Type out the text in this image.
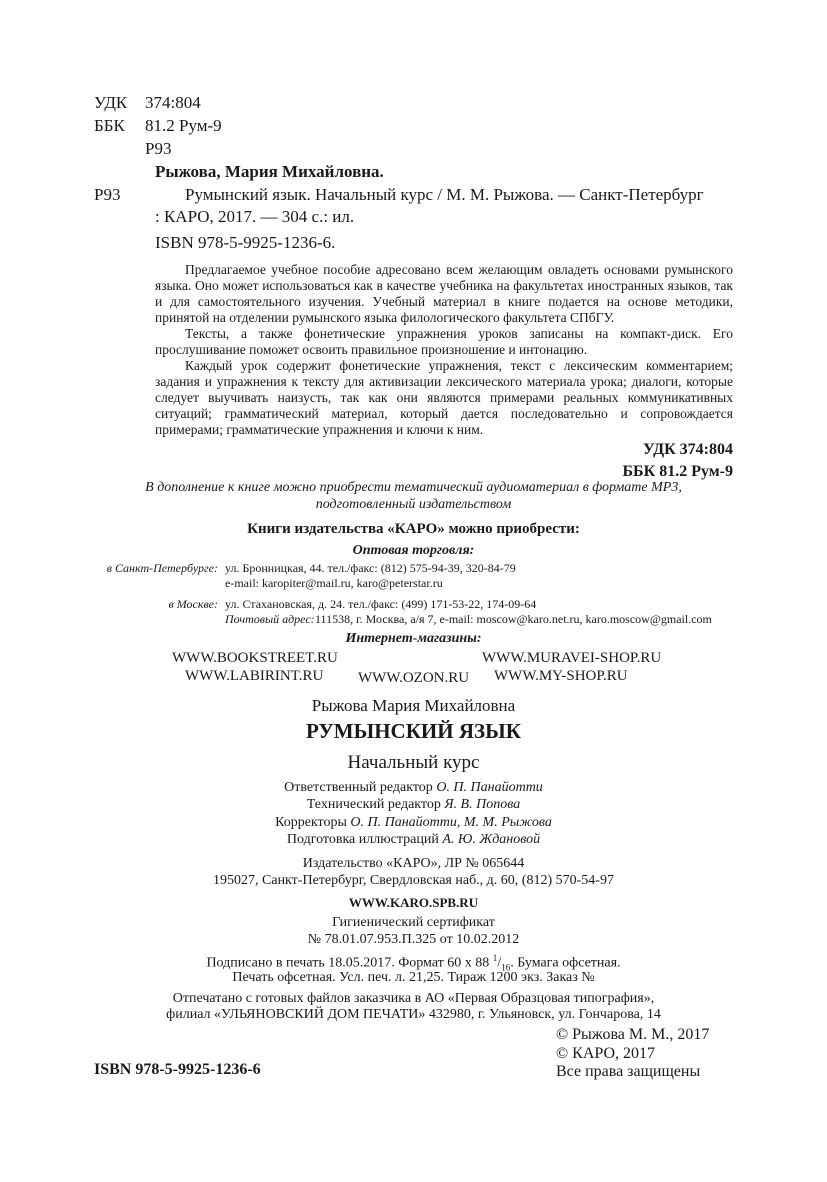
УДК 374:804
ББК 81.2 Рум-9
Р93
Рыжова, Мария Михайловна.
Р93	Румынский язык. Начальный курс / М. М. Рыжова. — Санкт-Петербург
: КАРО, 2017. — 304 с.: ил.
ISBN 978-5-9925-1236-6.
Предлагаемое учебное пособие адресовано всем желающим овладеть основами румынского языка. Оно может использоваться как в качестве учебника на факультетах иностранных языков, так и для самостоятельного изучения. Учебный материал в книге подается на основе методики, принятой на отделении румынского языка филологического факультета СПбГУ.
Тексты, а также фонетические упражнения уроков записаны на компакт-диск. Его прослушивание поможет освоить правильное произношение и интонацию.
Каждый урок содержит фонетические упражнения, текст с лексическим комментарием; задания и упражнения к тексту для активизации лексического материала урока; диалоги, которые следует выучивать наизусть, так как они являются примерами реальных коммуникативных ситуаций; грамматический материал, который дается последовательно и сопровождается примерами; грамматические упражнения и ключи к ним.
УДК 374:804
ББК 81.2 Рум-9
В дополнение к книге можно приобрести тематический аудиоматериал в формате MP3,
подготовленный издательством
Книги издательства «КАРО» можно приобрести:
Оптовая торговля:
в Санкт-Петербурге: ул. Бронницкая, 44. тел./факс: (812) 575-94-39, 320-84-79
e-mail: karopiter@mail.ru, karo@peterstar.ru
в Москве: ул. Стахановская, д. 24. тел./факс: (499) 171-53-22, 174-09-64
Почтовый адрес: 111538, г. Москва, а/я 7, e-mail: moscow@karo.net.ru, karo.moscow@gmail.com
Интернет-магазины:
WWW.BOOKSTREET.RU
WWW.LABIRINT.RU WWW.OZON.RU
WWW.MURAVEI-SHOP.RU
WWW.MY-SHOP.RU
Рыжова Мария Михайловна
РУМЫНСКИЙ ЯЗЫК
Начальный курс
Ответственный редактор О. П. Панайотти
Технический редактор Я. В. Попова
Корректоры О. П. Панайотти, М. М. Рыжова
Подготовка иллюстраций А. Ю. Ждановой
Издательство «КАРО», ЛР № 065644
195027, Санкт-Петербург, Свердловская наб., д. 60, (812) 570-54-97
WWW.KARO.SPB.RU
Гигиенический сертификат
№ 78.01.07.953.П.325 от 10.02.2012
Подписано в печать 18.05.2017. Формат 60 х 88 $^1/_{16}$. Бумага офсетная.
Печать офсетная. Усл. печ. л. 21,25. Тираж 1200 экз. Заказ №
Отпечатано с готовых файлов заказчика в АО «Первая Образцовая типография»,
филиал «УЛЬЯНОВСКИЙ ДОМ ПЕЧАТИ» 432980, г. Ульяновск, ул. Гончарова, 14
© Рыжова М. М., 2017
© КАРО, 2017
ISBN 978-5-9925-1236-6	Все права защищены
